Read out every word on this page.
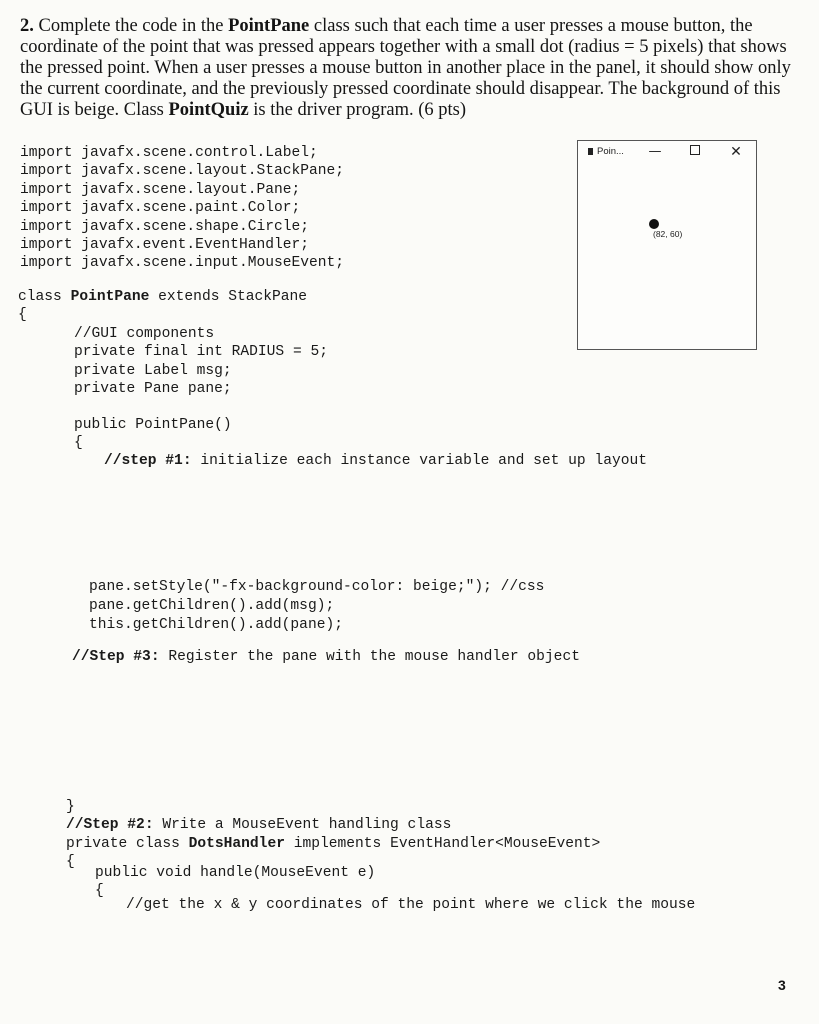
2. Complete the code in the PointPane class such that each time a user presses a mouse button, the coordinate of the point that was pressed appears together with a small dot (radius = 5 pixels) that shows the pressed point. When a user presses a mouse button in another place in the panel, it should show only the current coordinate, and the previously pressed coordinate should disappear. The background of this GUI is beige. Class PointQuiz is the driver program. (6 pts)

import javafx.scene.control.Label;
import javafx.scene.layout.StackPane;
import javafx.scene.layout.Pane;
import javafx.scene.paint.Color;
import javafx.scene.shape.Circle;
import javafx.event.EventHandler;
import javafx.scene.input.MouseEvent;
class PointPane extends StackPane
{
//GUI components
private final int RADIUS = 5;
private Label msg;
private Pane pane;
public PointPane()
{
//step #1: initialize each instance variable and set up layout
pane.setStyle("-fx-background-color: beige;"); //css
pane.getChildren().add(msg);
this.getChildren().add(pane);
//Step #3: Register the pane with the mouse handler object
}
//Step #2: Write a MouseEvent handling class
private class DotsHandler implements EventHandler<MouseEvent>
{
public void handle(MouseEvent e)
{
//get the x & y coordinates of the point where we click the mouse
Poin...	—	✕
(82, 60)
3
